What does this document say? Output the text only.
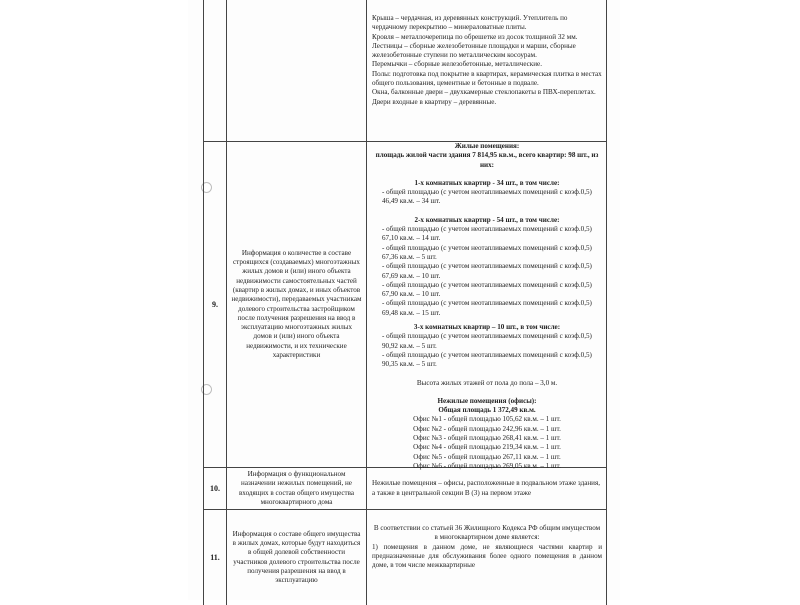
Крыша – чердачная, из деревянных конструкций. Утеплитель по чердачному перекрытию – минераловатные плиты.
Кровля – металлочерепица по обрешетке из досок толщиной 32 мм.
Лестницы – сборные железобетонные площадки и марши, сборные железобетонные ступени по металлическим косоурам.
Перемычки – сборные железобетонные, металлические.
Полы: подготовка под покрытие в квартирах, керамическая плитка в местах общего пользования, цементные и бетонные в подвале.
Окна, балконные двери – двухкамерные стеклопакеты в ПВХ-переплетах.
Двери входные в квартиру – деревянные.
9.
Информация о количестве в составе строящихся (создаваемых) многоэтажных жилых домов и (или) иного объекта недвижимости самостоятельных частей (квартир в жилых домах, и иных объектов недвижимости), передаваемых участникам долевого строительства застройщиком после получения разрешения на ввод в эксплуатацию многоэтажных жилых домов и (или) иного объекта недвижимости, и их технические характеристики
Жилые помещения:
площадь жилой части здания 7 814,95 кв.м., всего квартир: 98 шт., из них:
1-х комнатных квартир - 34 шт., в том числе:
- общей площадью (с учетом неотапливаемых помещений с коэф.0,5) 46,49 кв.м. – 34 шт.
2-х комнатных квартир - 54 шт., в том числе:
- общей площадью (с учетом неотапливаемых помещений с коэф.0,5) 67,10 кв.м. – 14 шт.
- общей площадью (с учетом неотапливаемых помещений с коэф.0,5) 67,36 кв.м. – 5 шт.
- общей площадью (с учетом неотапливаемых помещений с коэф.0,5) 67,69 кв.м. – 10 шт.
- общей площадью (с учетом неотапливаемых помещений с коэф.0,5) 67,90 кв.м. – 10 шт.
- общей площадью (с учетом неотапливаемых помещений с коэф.0,5) 69,48 кв.м. – 15 шт.
3-х комнатных квартир – 10 шт., в том числе:
- общей площадью (с учетом неотапливаемых помещений с коэф.0,5) 90,92 кв.м. – 5 шт.
- общей площадью (с учетом неотапливаемых помещений с коэф.0,5) 90,35 кв.м. – 5 шт.
Высота жилых этажей от пола до пола – 3,0 м.
Нежилые помещения (офисы):
Общая площадь 1 372,49 кв.м.
Офис №1 - общей площадью 105,62 кв.м. – 1 шт.
Офис №2 - общей площадью 242,96 кв.м. – 1 шт.
Офис №3 - общей площадью 268,41 кв.м. – 1 шт.
Офис №4 - общей площадью 219,34 кв.м. – 1 шт.
Офис №5 - общей площадью 267,11 кв.м. – 1 шт.
Офис №6 - общей площадью 269,05 кв.м. – 1 шт.
10.
Информация о функциональном назначении нежилых помещений, не входящих в состав общего имущества многоквартирного дома
Нежилые помещения – офисы, расположенные в подвальном этаже здания, а также в центральной секции В (3) на первом этаже
11.
Информация о составе общего имущества в жилых домах, которые будут находиться в общей долевой собственности участников долевого строительства после получения разрешения на ввод в эксплуатацию
В соответствии со статьей 36 Жилищного Кодекса РФ общим имуществом в многоквартирном доме является:
1) помещения в данном доме, не являющиеся частями квартир и предназначенные для обслуживания более одного помещения в данном доме, в том числе межквартирные
